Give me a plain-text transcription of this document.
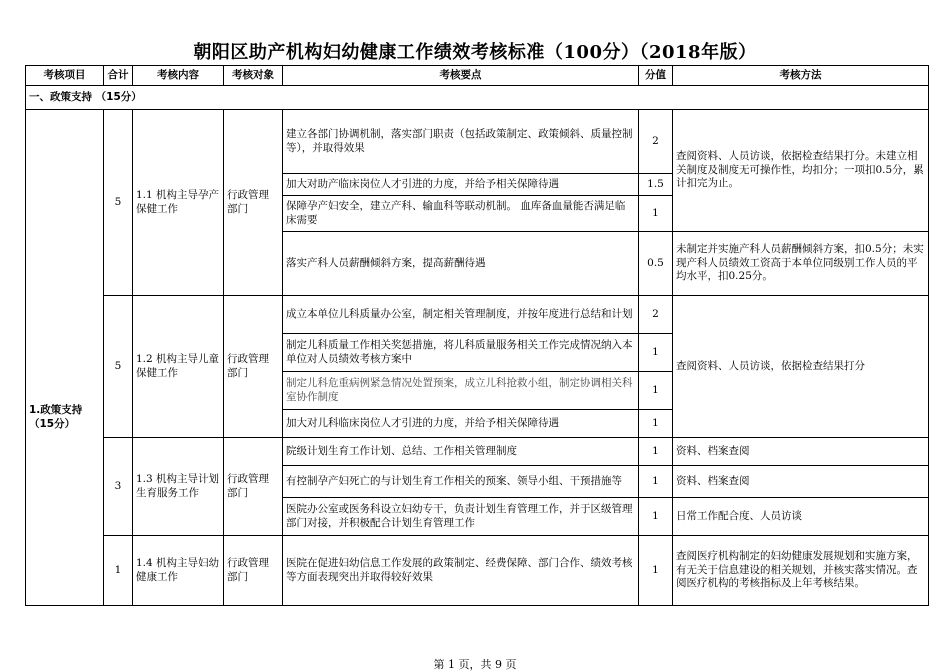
朝阳区助产机构妇幼健康工作绩效考核标准（100分）（2018年版）
考核项目	合计	考核内容	考核对象	考核要点	分值	考核方法
一、政策支持 （15分）						

1.政策支持（15分）	5	1.1 机构主导孕产保健工作	行政管理部门	建立各部门协调机制，落实部门职责（包括政策制定、政策倾斜、质量控制等），并取得效果	2	查阅资料、人员访谈，依据检查结果打分。未建立相关制度及制度无可操作性，均扣分；一项扣0.5分，累计扣完为止。
				加大对助产临床岗位人才引进的力度，并给予相关保障待遇	1.5	
				保障孕产妇安全，建立产科、输血科等联动机制。 血库备血量能否满足临床需要	1	
				落实产科人员薪酬倾斜方案，提高薪酬待遇	0.5	未制定并实施产科人员薪酬倾斜方案，扣0.5分；未实现产科人员绩效工资高于本单位同级别工作人员的平均水平，扣0.25分。
	5	1.2 机构主导儿童保健工作	行政管理部门	成立本单位儿科质量办公室，制定相关管理制度，并按年度进行总结和计划	2	查阅资料、人员访谈，依据检查结果打分
				制定儿科质量工作相关奖惩措施，将儿科质量服务相关工作完成情况纳入本单位对人员绩效考核方案中	1	
				制定儿科危重病例紧急情况处置预案，成立儿科抢救小组，制定协调相关科室协作制度	1	
				加大对儿科临床岗位人才引进的力度，并给予相关保障待遇	1	
	3	1.3 机构主导计划生育服务工作	行政管理部门	院级计划生育工作计划、总结、工作相关管理制度	1	资料、档案查阅
				有控制孕产妇死亡的与计划生育工作相关的预案、领导小组、干预措施等	1	资料、档案查阅
				医院办公室或医务科设立妇幼专干，负责计划生育管理工作，并于区级管理部门对接，并积极配合计划生育管理工作	1	日常工作配合度、人员访谈
	1	1.4 机构主导妇幼健康工作	行政管理部门	医院在促进妇幼信息工作发展的政策制定、经费保障、部门合作、绩效考核等方面表现突出并取得较好效果	1	查阅医疗机构制定的妇幼健康发展规划和实施方案，有无关于信息建设的相关规划，并核实落实情况。查阅医疗机构的考核指标及上年考核结果。
第 1 页，共 9 页
